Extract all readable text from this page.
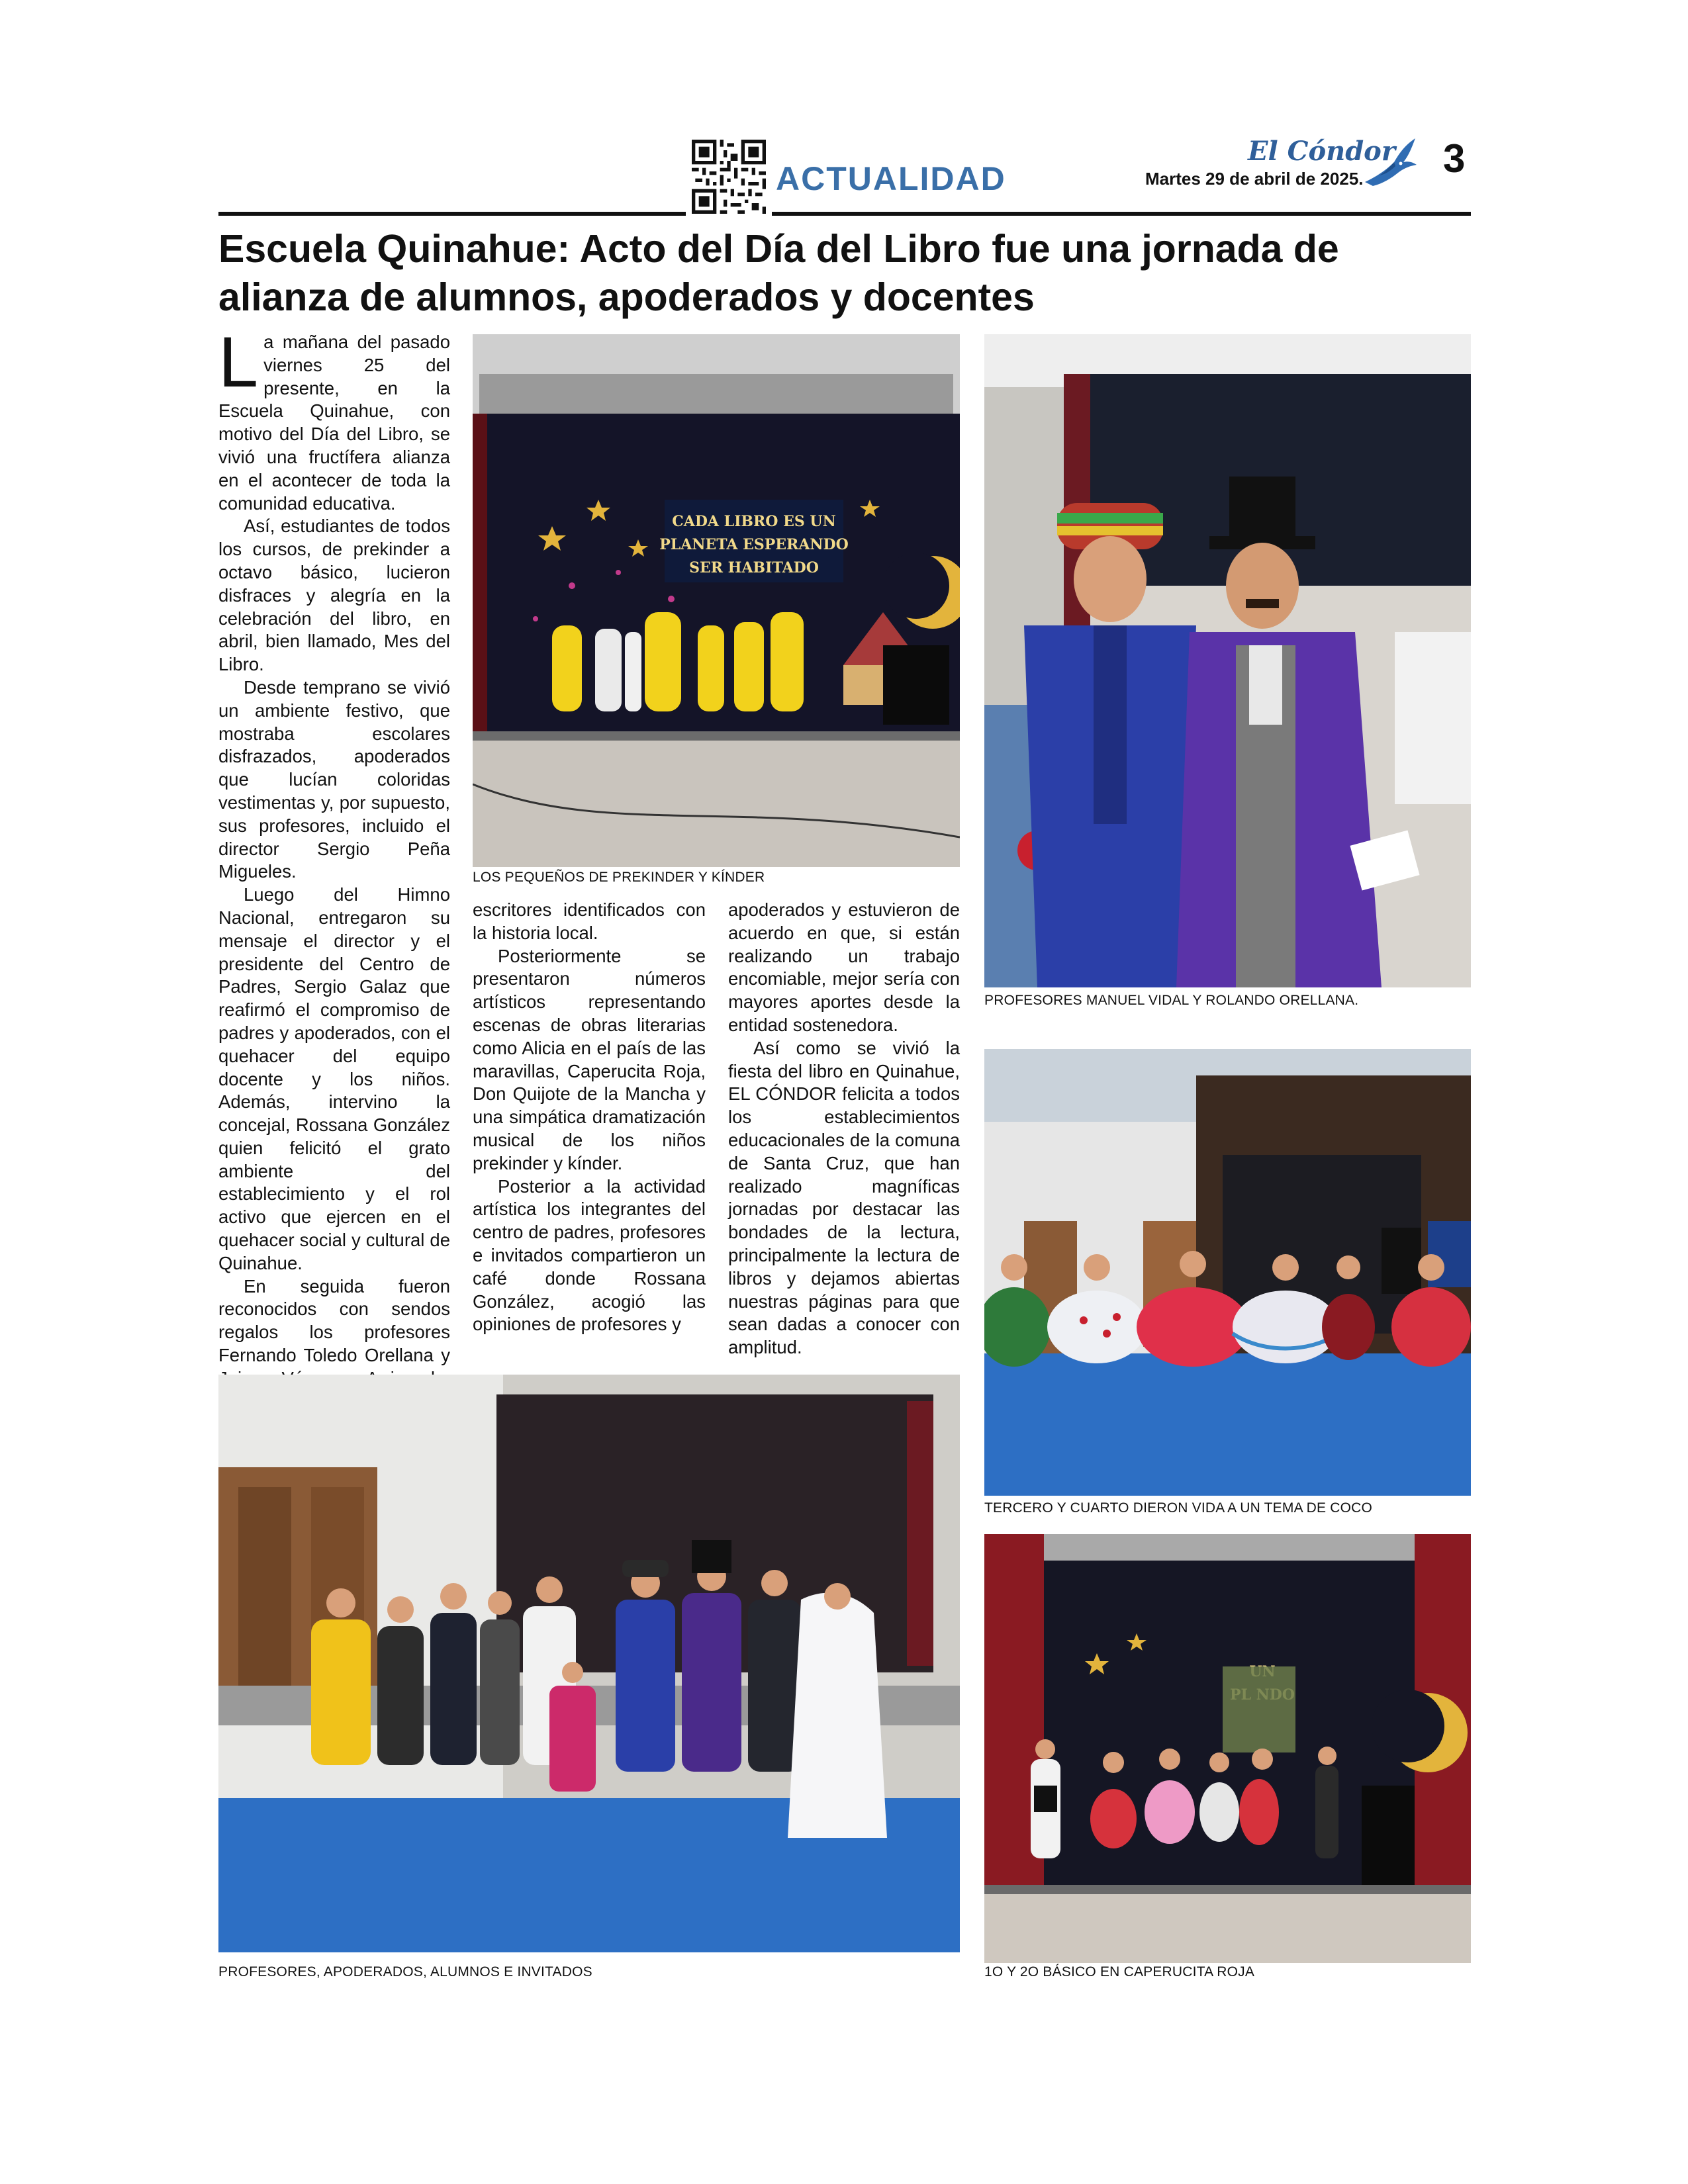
ACTUALIDAD
El Cóndor
Martes 29 de abril de 2025. 3
Escuela Quinahue: Acto del Día del Libro fue una jornada de alianza de alumnos, apoderados y docentes

La mañana del pasado viernes 25 del presente, en la Escuela Quinahue, con motivo del Día del Libro, se vivió una fructífera alianza en el acontecer de toda la comunidad educativa.

Así, estudiantes de todos los cursos, de prekinder a octavo básico, lucieron disfraces y alegría en la celebración del libro, en abril, bien llamado, Mes del Libro.

Desde temprano se vivió un ambiente festivo, que mostraba escolares disfrazados, apoderados que lucían coloridas vestimentas y, por supuesto, sus profesores, incluido el director Sergio Peña Migueles.

Luego del Himno Nacional, entregaron su mensaje el director y el presidente del Centro de Padres, Sergio Galaz que reafirmó el compromiso de padres y apoderados, con el quehacer del equipo docente y los niños. Además, intervino la concejal, Rossana González quien felicitó el grato ambiente del establecimiento y el rol activo que ejercen en el quehacer social y cultural de Quinahue.

En seguida fueron reconocidos con sendos regalos los profesores Fernando Toledo Orellana y

escritores identificados con la historia local.

Posteriormente se presentaron números artísticos representando escenas de obras literarias como Alicia en el país de las maravillas, Caperucita Roja, Don Quijote de la Mancha y una simpática dramatización musical de los niños prekinder y kínder.

Posterior a la actividad artística los integrantes del centro de padres, profesores e invitados compartieron un café donde Rossana González, acogió las opiniones de profesores y

apoderados y estuvieron de acuerdo en que, si están realizando un trabajo encomiable, mejor sería con mayores aportes desde la entidad sostenedora.

Así como se vivió la fiesta del libro en Quinahue, EL CÓNDOR felicita a todos los establecimientos educacionales de la comuna de Santa Cruz, que han realizado magníficas jornadas por destacar las bondades de la lectura, principalmente la lectura de libros y dejamos abiertas nuestras páginas para que sean dadas a conocer con amplitud.

CADA LIBRO ES UN
PLANETA ESPERANDO
SER HABITADO
LOS PEQUEÑOS DE PREKINDER Y KÍNDER
PROFESORES MANUEL VIDAL Y ROLANDO ORELLANA.
TERCERO Y CUARTO DIERON VIDA A UN TEMA DE COCO
PROFESORES, APODERADOS, ALUMNOS E INVITADOS	1O Y 2O BÁSICO EN CAPERUCITA ROJA
